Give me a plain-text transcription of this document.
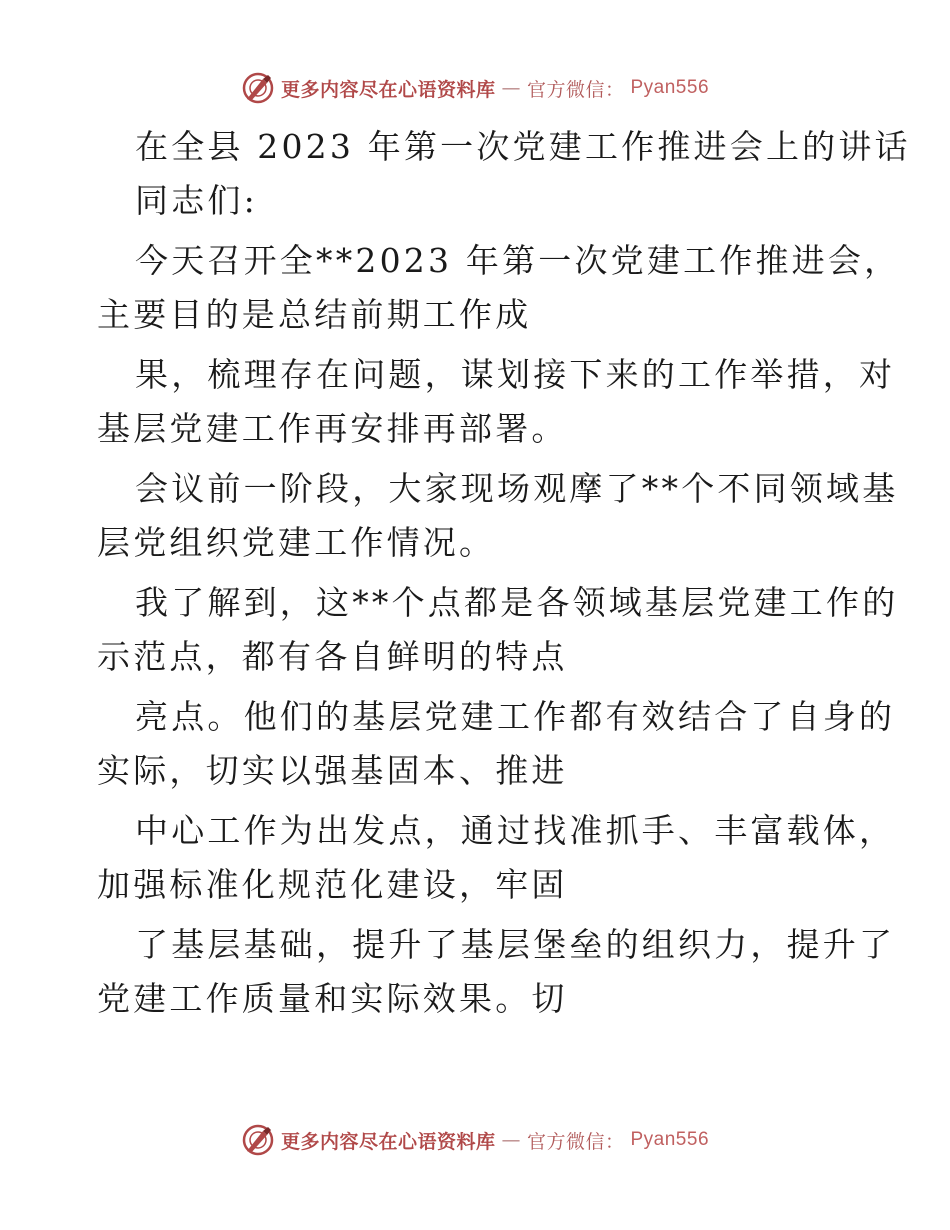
更多内容尽在心语资料库 — 官方微信： Pyan556
在全县 2023 年第一次党建工作推进会上的讲话
同志们:
今天召开全**2023 年第一次党建工作推进会，
主要目的是总结前期工作成
果，梳理存在问题，谋划接下来的工作举措，对
基层党建工作再安排再部署。
会议前一阶段，大家现场观摩了**个不同领域基
层党组织党建工作情况。
我了解到，这**个点都是各领域基层党建工作的
示范点，都有各自鲜明的特点
亮点。他们的基层党建工作都有效结合了自身的
实际，切实以强基固本、推进
中心工作为出发点，通过找准抓手、丰富载体，
加强标准化规范化建设，牢固
了基层基础，提升了基层堡垒的组织力，提升了
党建工作质量和实际效果。切
更多内容尽在心语资料库 — 官方微信： Pyan556
